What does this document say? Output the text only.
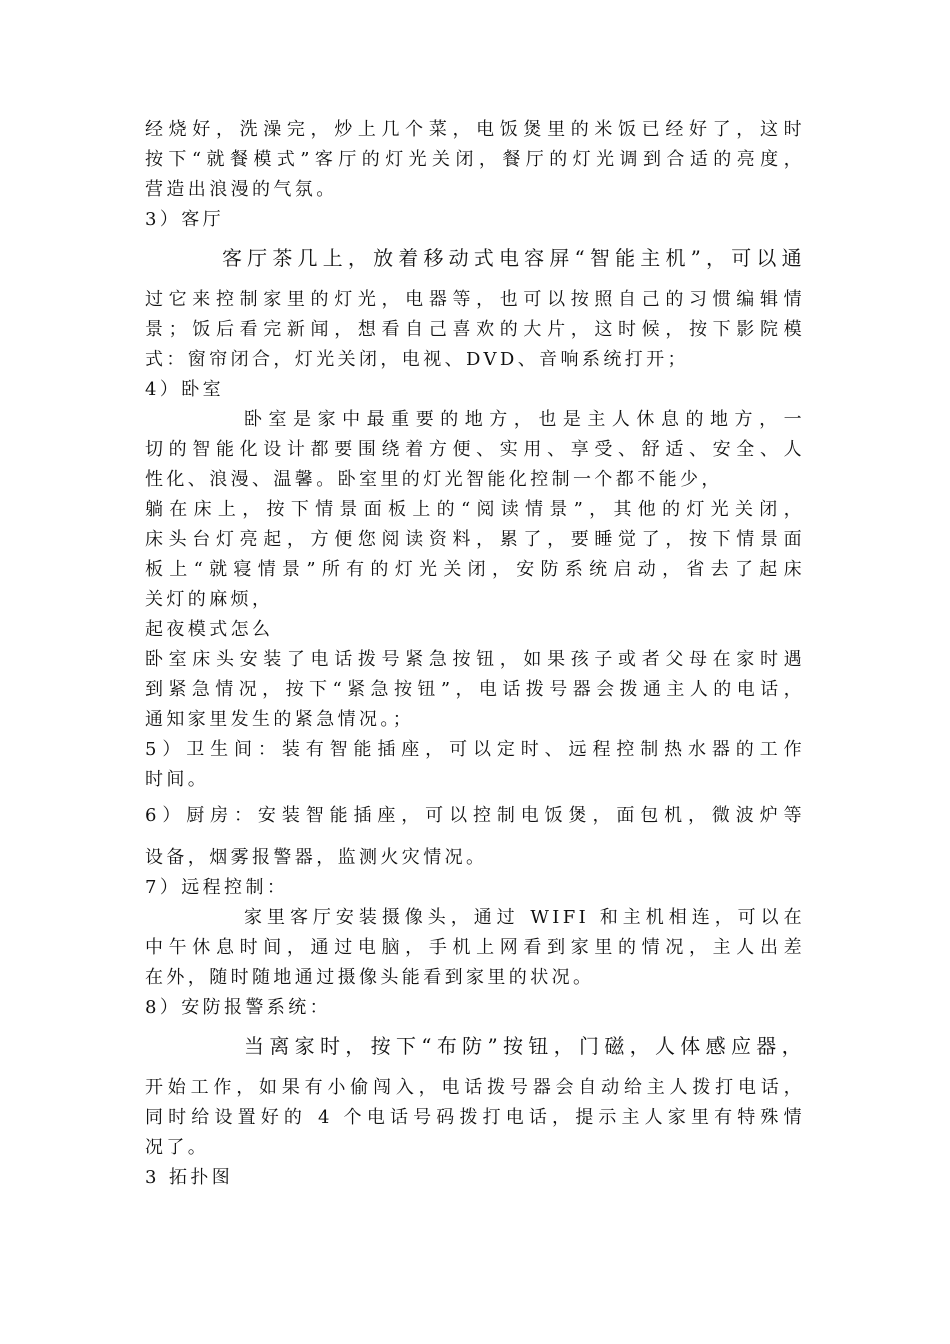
经烧好，洗澡完，炒上几个菜，电饭煲里的米饭已经好了，这时
按下“就餐模式”客厅的灯光关闭，餐厅的灯光调到合适的亮度，
营造出浪漫的气氛。
3）客厅
客厅茶几上，放着移动式电容屏“智能主机”，可以通
过它来控制家里的灯光，电器等，也可以按照自己的习惯编辑情
景；饭后看完新闻，想看自己喜欢的大片，这时候，按下影院模
式：窗帘闭合，灯光关闭，电视、DVD、音响系统打开；
4）卧室
卧室是家中最重要的地方，也是主人休息的地方，一
切的智能化设计都要围绕着方便、实用、享受、舒适、安全、人
性化、浪漫、温馨。卧室里的灯光智能化控制一个都不能少，
躺在床上，按下情景面板上的“阅读情景”，其他的灯光关闭，
床头台灯亮起，方便您阅读资料，累了，要睡觉了，按下情景面
板上“就寝情景”所有的灯光关闭，安防系统启动，省去了起床
关灯的麻烦，
起夜模式怎么
卧室床头安装了电话拨号紧急按钮，如果孩子或者父母在家时遇
到紧急情况，按下“紧急按钮”，电话拨号器会拨通主人的电话，
通知家里发生的紧急情况。；
5）卫生间：装有智能插座，可以定时、远程控制热水器的工作
时间。
6）厨房：安装智能插座，可以控制电饭煲，面包机，微波炉等
设备，烟雾报警器，监测火灾情况。
7）远程控制：
家里客厅安装摄像头，通过 WIFI 和主机相连，可以在
中午休息时间，通过电脑，手机上网看到家里的情况，主人出差
在外，随时随地通过摄像头能看到家里的状况。
8）安防报警系统：
当离家时，按下“布防”按钮，门磁，人体感应器，
开始工作，如果有小偷闯入，电话拨号器会自动给主人拨打电话，
同时给设置好的 4 个电话号码拨打电话，提示主人家里有特殊情
况了。
3 拓扑图
